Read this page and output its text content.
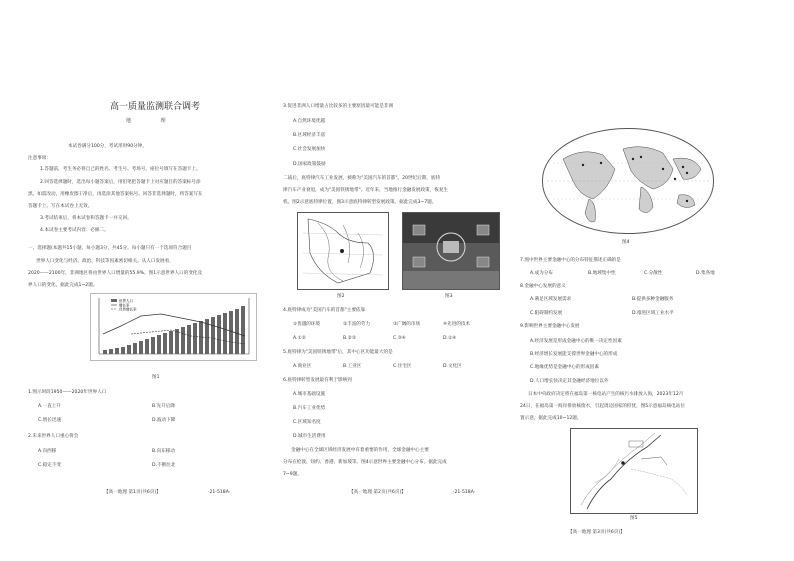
高一质量监测联合调考
地 理
本试卷满分100分，考试用时90分钟。
注意事项：
1.答题前，考生务必将自己的姓名、考生号、考场号、座位号填写在答题卡上。
2.回答选择题时，选出每小题答案后，用铅笔把答题卡上对应题目的答案标号涂
黑。如需改动，用橡皮擦干净后，再选涂其他答案标号。回答非选择题时，将答案写在
答题卡上。写在本试卷上无效。
3.考试结束后，将本试卷和答题卡一并交回。
4.本试卷主要考试内容：必修二。
一、选择题(本题共15小题，每小题3分，共45分。每小题只有一个选项符合题目
世界人口变化与经济、政治、科技等因素密切相关。从人口发展看，
2020——2100年，非洲地区将由世界人口增量的55.9%。图1示意世界人口的变化及
界人口的变化。据此完成1~2题。
世界人口
增长率
自然增长率
图1
1.图示时段1950——2020年世界人口
A.一直上升	B.先升后降
C.增长迅速	D.波动下降
2.未来世界人口重心将会
A.向西移	B.向东移动
C.稳定不变	D.不断往北
【高一地理 第1页(共6页)】	·21-518A·
3.促进非洲人口增量占比较多的主要原因最可能是非洲
A.自然环境优越
B.区域经济丰富
C.社会发展加快
D.国家政策鼓励
二战后，底特律汽车工业发展，被称为"美国汽车的首都"。20世纪后期，底特
律汽车产业衰退，成为"美国铁锈地带"。近年来，当地推行金融发展政策，恢复生
机。图2示意底特律位置，图3示意底特律转型发展政策。据此完成3~7题。
图2	图3
4.底特律成为"美国汽车的首都"主要依靠
①优越的环境	②丰富的劳力	③广阔的市场	④先进的技术
A.①②	B.②③	C.③④	D.①④
5.底特律为"美国铁锈地带"后，其中心区功能最大的是
A.商业区	B.工业区	C.住宅区	D.文化区
6.底特律转型发展最有利于影响到
A.城市基础设施
B.汽车工业优势
C.区域知名度
D.城市生活费用
金融中心在全球区域经济发展中有着重要的作用，全球金融中心主要
分布在伦敦、纽约、香港、新加坡等。图4示意世界主要金融中心分布。据此完成
7~9题。
【高一地理 第2页(共6页)】	·21-518A·
图4
7.图中世界主要金融中心的分布特征描述正确的是
A.成为分布	B.地域集中性	C.分散性	D.集各地
8.金融中心发展的意义
A.满足区域发展需求	B.提供多种金融服务
C.阻碍制约发展	D.推进区域工业水平
9.影响世界主要金融中心发展
A.经济发展是形成金融中心的唯一决定性因素
B.经济增长发展能支撑世界金融中心的形成
C.地缘优势是金融中心的形成因素
D.人口增长快决定其金融经济地位以外
日本中央政府决定将在福岛第一核电站产生的核污水排放入海，2023年12月
24日，在福岛第一海岸排放核废水，引起周边国家的担忧，图5示意福岛核电站位
置示意，据此完成10~12题。
图5
【高一地理 第3页(共6页)】
